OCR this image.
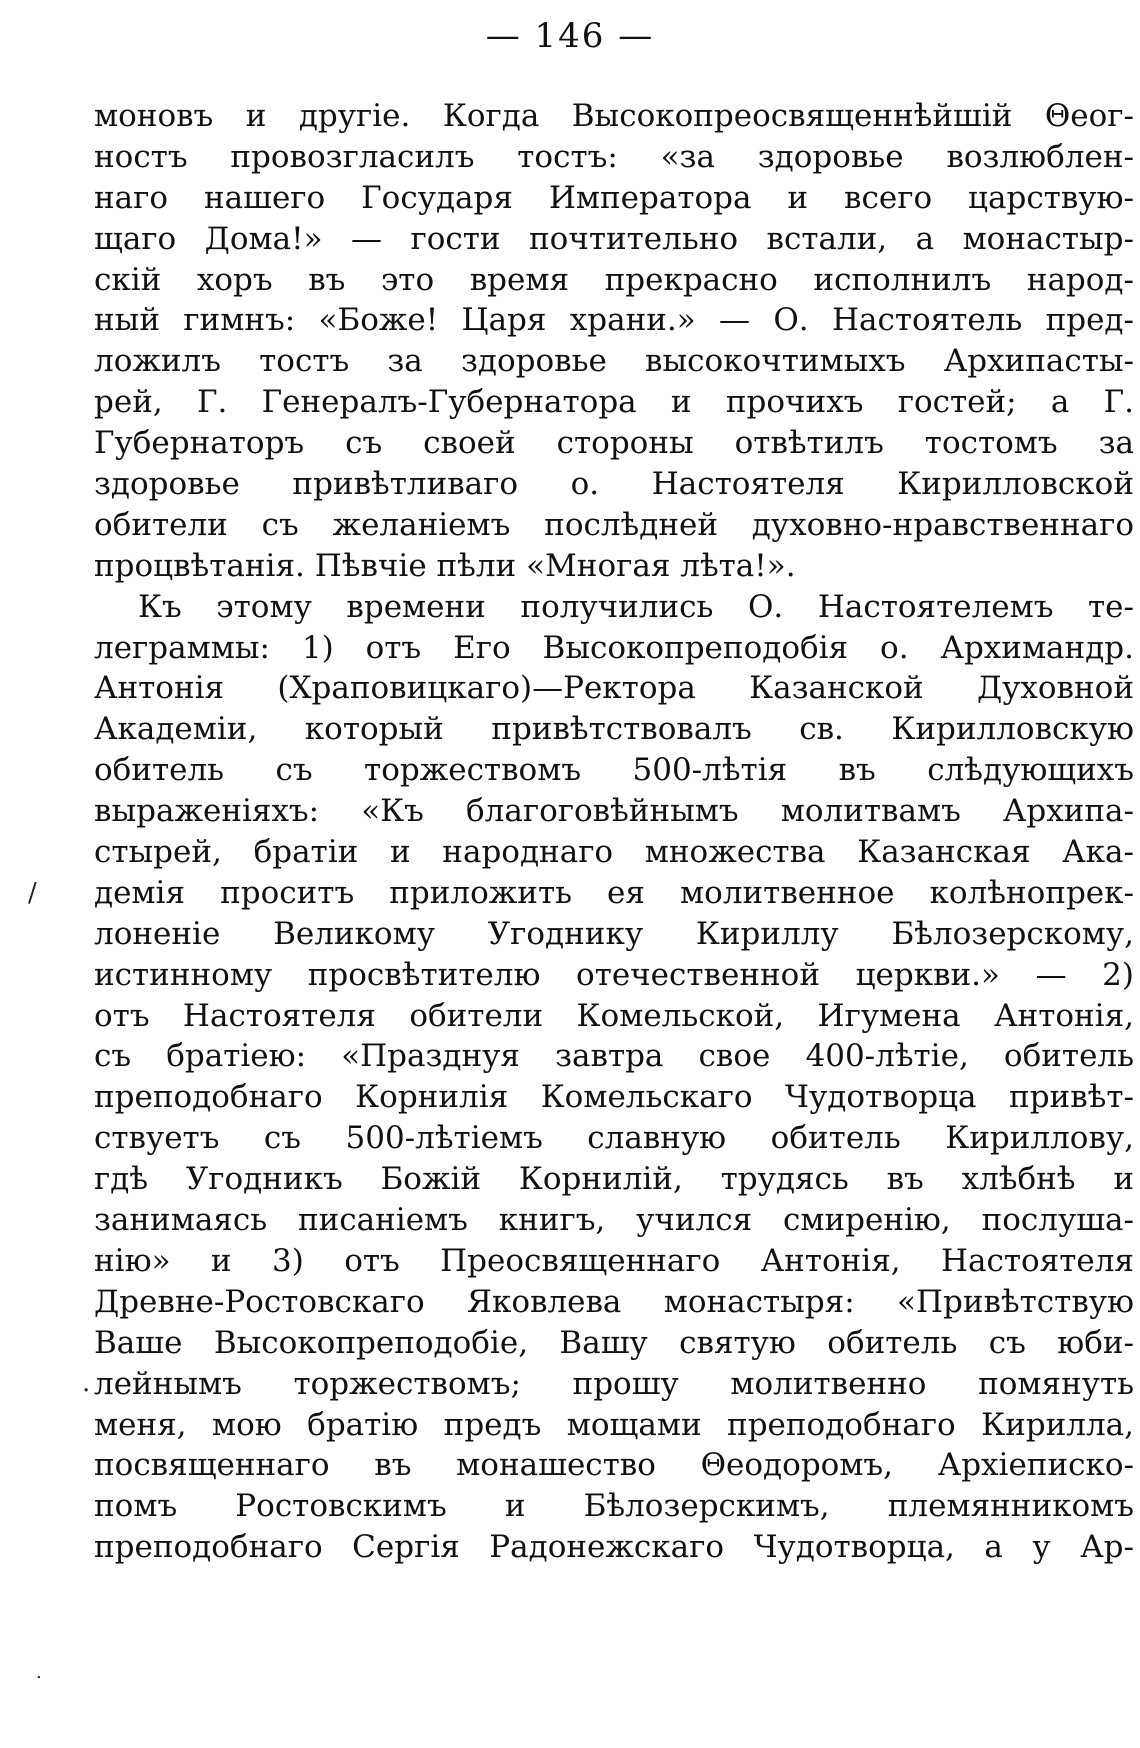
— 146 —
моновъ и другіе. Когда Высокопреосвященнѣйшій Θеог-
ностъ провозгласилъ тостъ: «за здоровье возлюблен-
наго нашего Государя Императора и всего царствую-
щаго Дома!» — гости почтительно встали, а монастыр-
скій хоръ въ это время прекрасно исполнилъ народ-
ный гимнъ: «Боже! Царя храни.» — О. Настоятель пред-
ложилъ тостъ за здоровье высокочтимыхъ Архипасты-
рей, Г. Генералъ-Губернатора и прочихъ гостей; а Г.
Губернаторъ съ своей стороны отвѣтилъ тостомъ за
здоровье привѣтливаго о. Настоятеля Кирилловской
обители съ желаніемъ послѣдней духовно-нравственнаго
процвѣтанія. Пѣвчіе пѣли «Многая лѣта!».
Къ этому времени получились О. Настоятелемъ те-
леграммы: 1) отъ Его Высокопреподобія о. Архимандр.
Антонія (Храповицкаго)—Ректора Казанской Духовной
Академіи, который привѣтствовалъ св. Кирилловскую
обитель съ торжествомъ 500-лѣтія въ слѣдующихъ
выраженіяхъ: «Къ благоговѣйнымъ молитвамъ Архипа-
стырей, братіи и народнаго множества Казанская Ака-
демія проситъ приложить ея молитвенное колѣнопрек-
лоненіе Великому Угоднику Кириллу Бѣлозерскому,
истинному просвѣтителю отечественной церкви.» — 2)
отъ Настоятеля обители Комельской, Игумена Антонія,
съ братіею: «Празднуя завтра свое 400-лѣтіе, обитель
преподобнаго Корнилія Комельскаго Чудотворца привѣт-
ствуетъ съ 500-лѣтіемъ славную обитель Кириллову,
гдѣ Угодникъ Божій Корнилій, трудясь въ хлѣбнѣ и
занимаясь писаніемъ книгъ, учился смиренію, послуша-
нію» и 3) отъ Преосвященнаго Антонія, Настоятеля
Древне-Ростовскаго Яковлева монастыря: «Привѣтствую
Ваше Высокопреподобіе, Вашу святую обитель съ юби-
лейнымъ торжествомъ; прошу молитвенно помянуть
меня, мою братію предъ мощами преподобнаго Кирилла,
посвященнаго въ монашество Θеодоромъ, Архіеписко-
помъ Ростовскимъ и Бѣлозерскимъ, племянникомъ
преподобнаго Сергія Радонежскаго Чудотворца, а у Ар-
/
.
.
